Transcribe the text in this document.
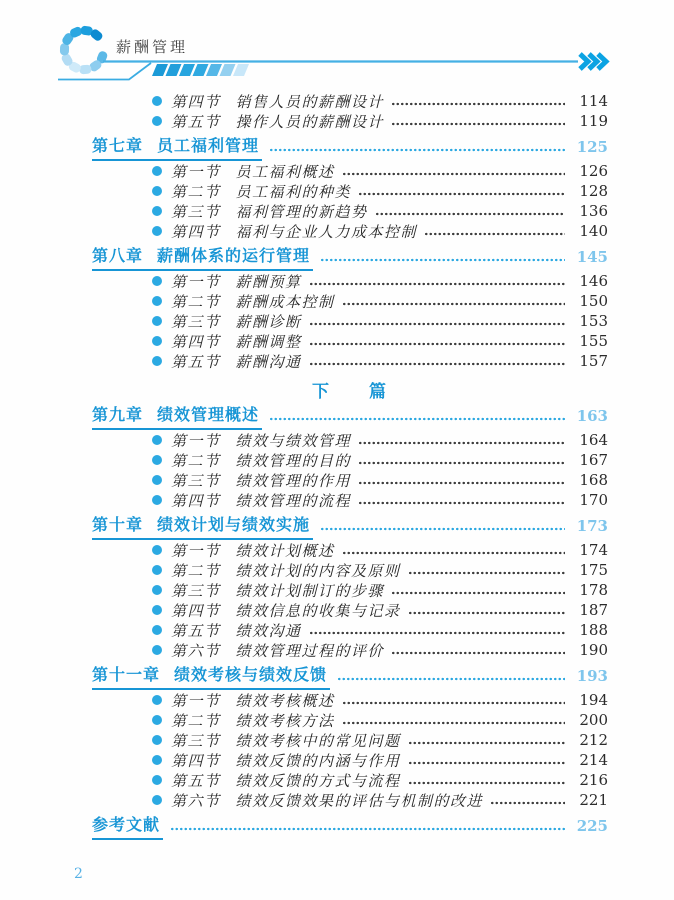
薪酬管理
第四节 销售人员的薪酬设计	114
第五节 操作人员的薪酬设计	119
第七章 员工福利管理	125
第一节 员工福利概述	126
第二节 员工福利的种类	128
第三节 福利管理的新趋势	136
第四节 福利与企业人力成本控制	140
第八章 薪酬体系的运行管理	145
第一节 薪酬预算	146
第二节 薪酬成本控制	150
第三节 薪酬诊断	153
第四节 薪酬调整	155
第五节 薪酬沟通	157
下　　篇
第九章 绩效管理概述	163
第一节 绩效与绩效管理	164
第二节 绩效管理的目的	167
第三节 绩效管理的作用	168
第四节 绩效管理的流程	170
第十章 绩效计划与绩效实施	173
第一节 绩效计划概述	174
第二节 绩效计划的内容及原则	175
第三节 绩效计划制订的步骤	178
第四节 绩效信息的收集与记录	187
第五节 绩效沟通	188
第六节 绩效管理过程的评价	190
第十一章 绩效考核与绩效反馈	193
第一节 绩效考核概述	194
第二节 绩效考核方法	200
第三节 绩效考核中的常见问题	212
第四节 绩效反馈的内涵与作用	214
第五节 绩效反馈的方式与流程	216
第六节 绩效反馈效果的评估与机制的改进	221
参考文献	225
2
